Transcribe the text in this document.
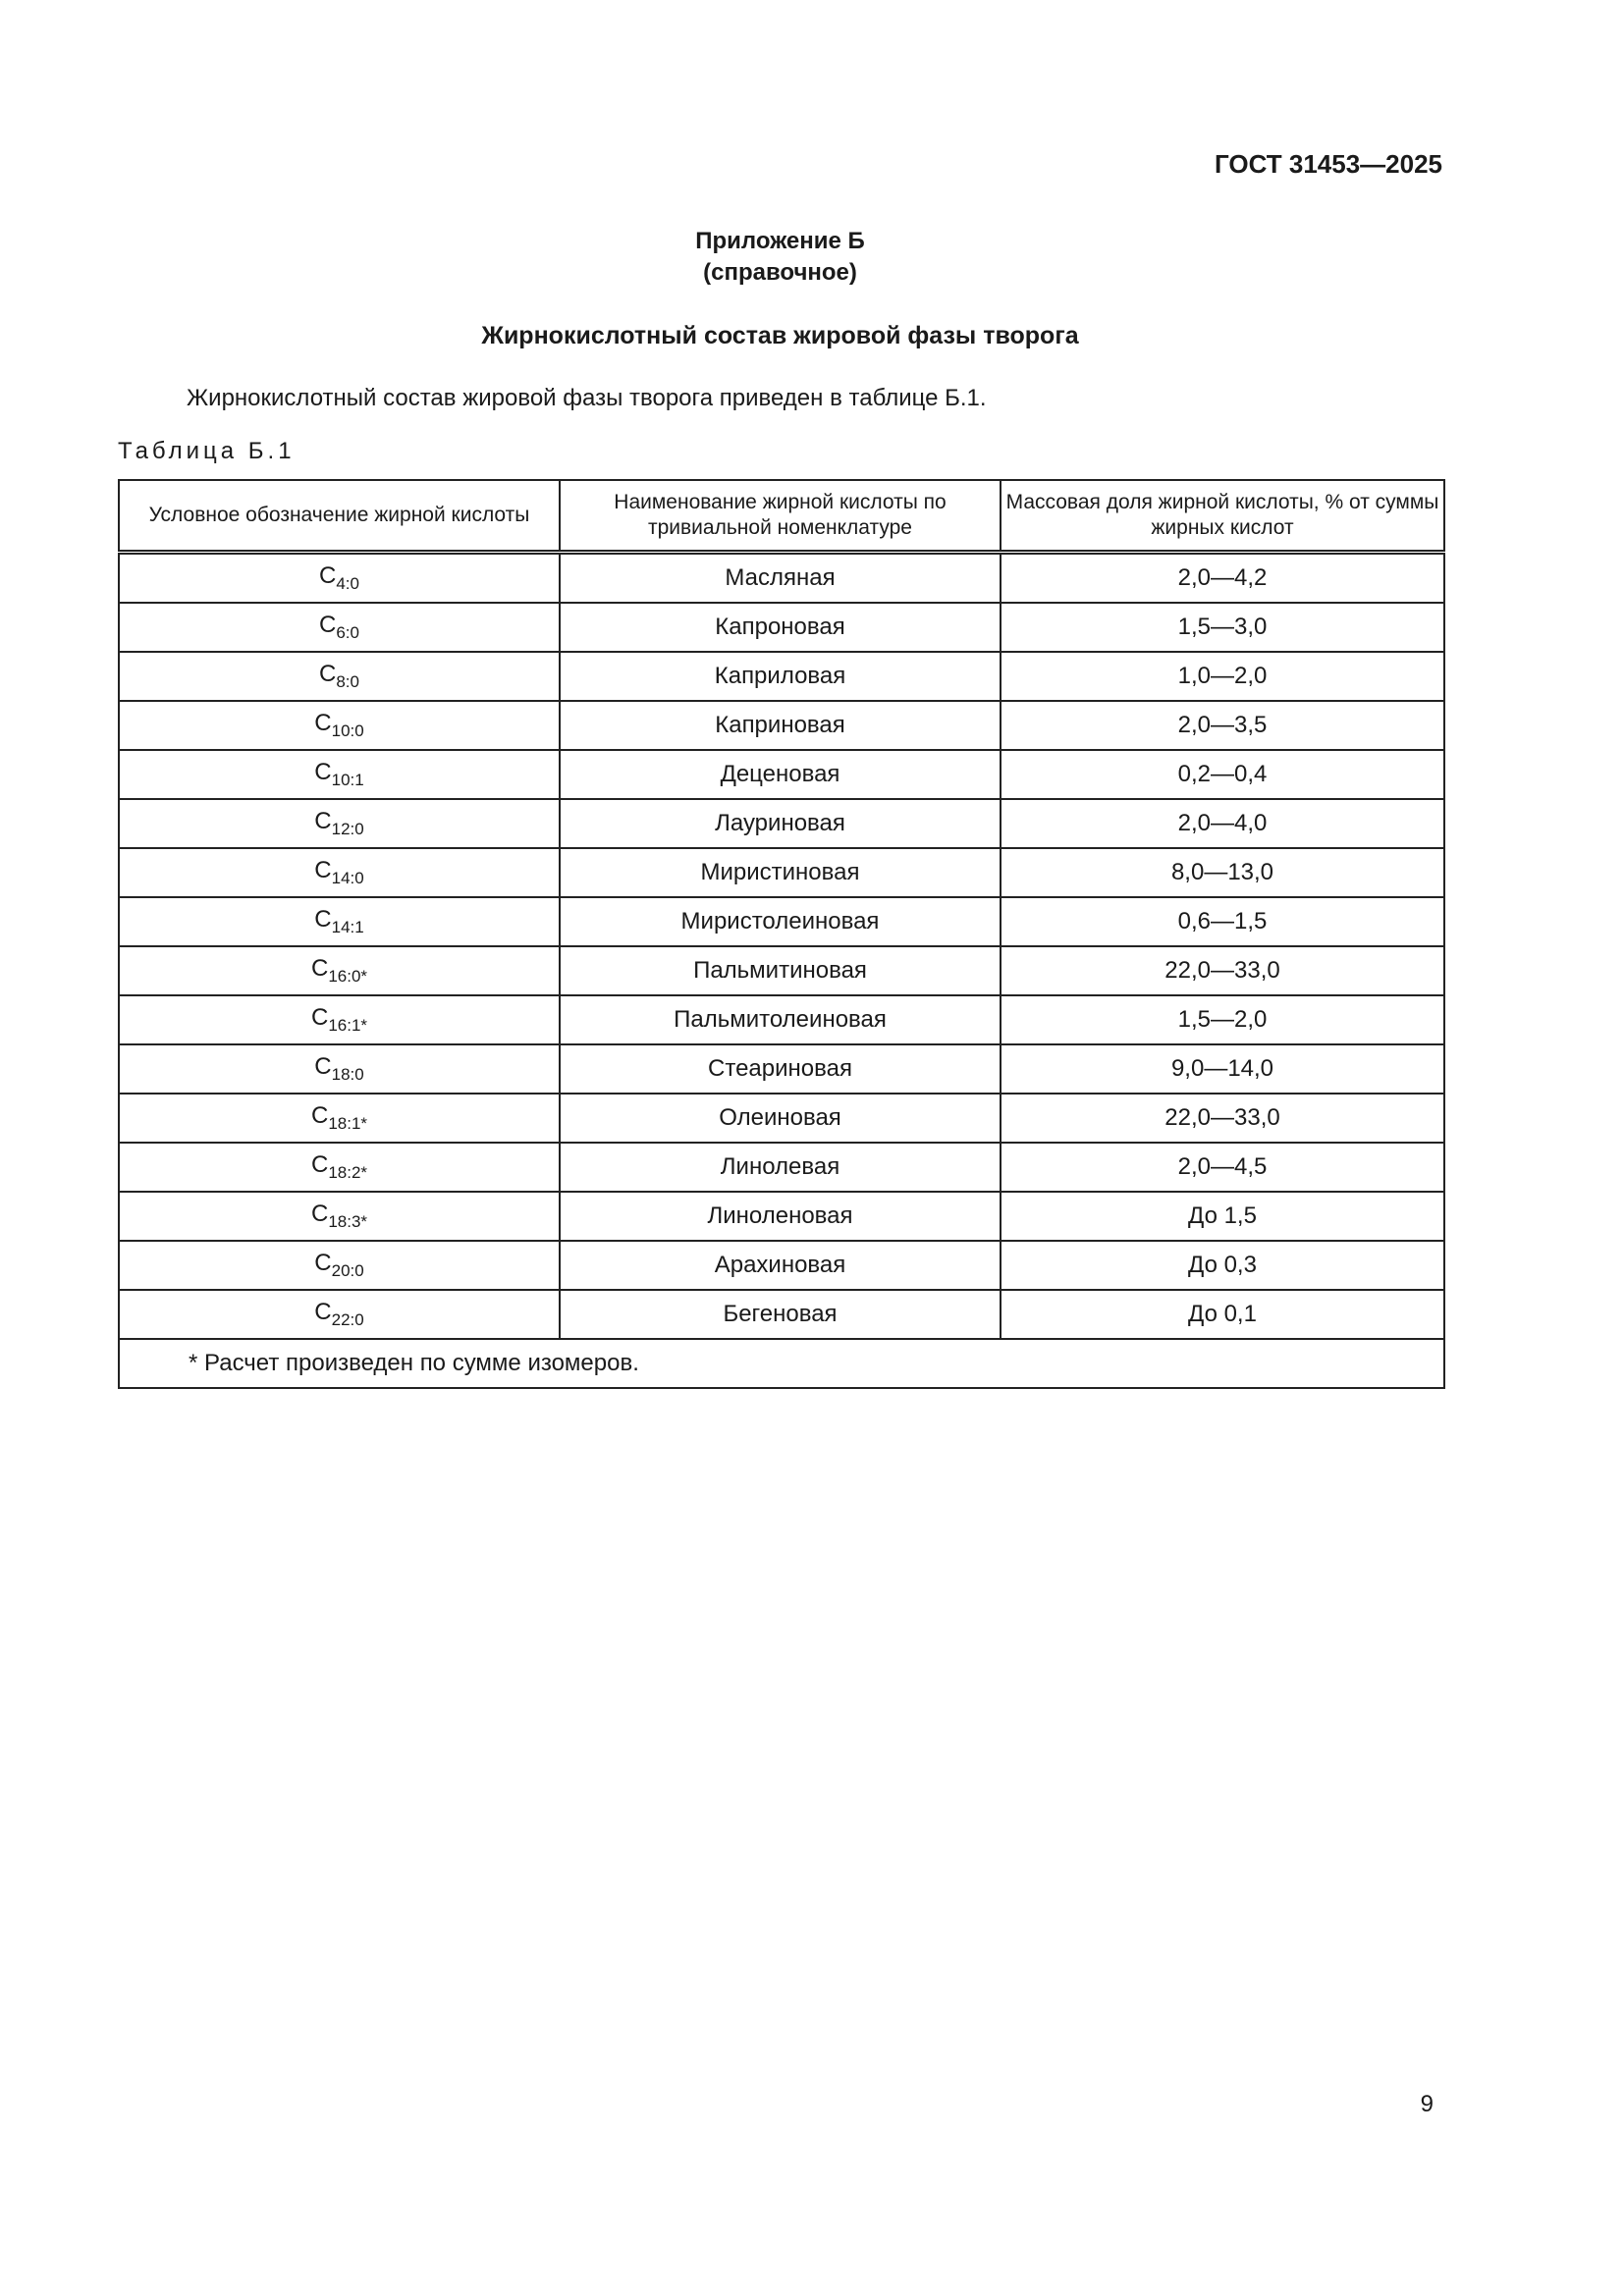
ГОСТ 31453—2025
Приложение Б
(справочное)
Жирнокислотный состав жировой фазы творога
Жирнокислотный состав жировой фазы творога приведен в таблице Б.1.
Таблица Б.1
Условное обозначение жирной кислоты	Наименование жирной кислоты по тривиальной номенклатуре	Массовая доля жирной кислоты, % от суммы жирных кислот
$C_{4:0}$	Масляная	2,0—4,2
$C_{6:0}$	Капроновая	1,5—3,0
$C_{8:0}$	Каприловая	1,0—2,0
$C_{10:0}$	Каприновая	2,0—3,5
$C_{10:1}$	Деценовая	0,2—0,4
$C_{12:0}$	Лауриновая	2,0—4,0
$C_{14:0}$	Миристиновая	8,0—13,0
$C_{14:1}$	Миристолеиновая	0,6—1,5
$C_{16:0*}$	Пальмитиновая	22,0—33,0
$C_{16:1*}$	Пальмитолеиновая	1,5—2,0
$C_{18:0}$	Стеариновая	9,0—14,0
$C_{18:1*}$	Олеиновая	22,0—33,0
$C_{18:2*}$	Линолевая	2,0—4,5
$C_{18:3*}$	Линоленовая	До 1,5
$C_{20:0}$	Арахиновая	До 0,3
$C_{22:0}$	Бегеновая	До 0,1
* Расчет произведен по сумме изомеров.		
9
